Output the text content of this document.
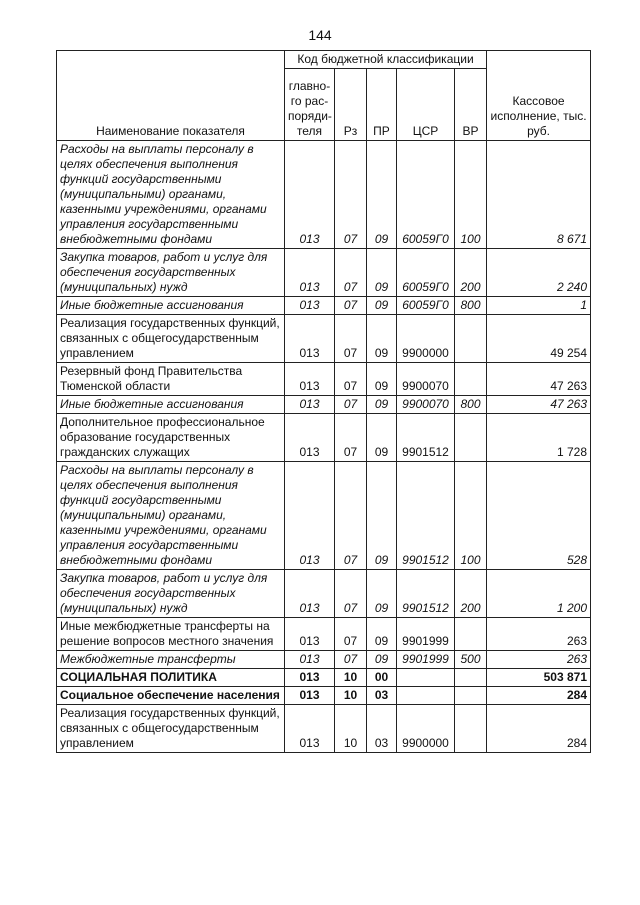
144
Наименование показателя	Код бюджетной классификации					Кассовое исполнение, тыс. руб.
	главно-го рас-поряди-теля	Рз	ПР	ЦСР	ВР	
Расходы на выплаты персоналу в целях обеспечения выполнения функций государственными (муниципальными) органами, казенными учреждениями, органами управления государственными внебюджетными фондами	013	07	09	60059Г0	100	8 671
Закупка товаров, работ и услуг для обеспечения государственных (муниципальных) нужд	013	07	09	60059Г0	200	2 240
Иные бюджетные ассигнования	013	07	09	60059Г0	800	1
Реализация государственных функций, связанных с общегосударственным управлением	013	07	09	9900000		49 254
Резервный фонд Правительства Тюменской области	013	07	09	9900070		47 263
Иные бюджетные ассигнования	013	07	09	9900070	800	47 263
Дополнительное профессиональное образование государственных гражданских служащих	013	07	09	9901512		1 728
Расходы на выплаты персоналу в целях обеспечения выполнения функций государственными (муниципальными) органами, казенными учреждениями, органами управления государственными внебюджетными фондами	013	07	09	9901512	100	528
Закупка товаров, работ и услуг для обеспечения государственных (муниципальных) нужд	013	07	09	9901512	200	1 200
Иные межбюджетные трансферты на решение вопросов местного значения	013	07	09	9901999		263
Межбюджетные трансферты	013	07	09	9901999	500	263
СОЦИАЛЬНАЯ ПОЛИТИКА	013	10	00			503 871
Социальное обеспечение населения	013	10	03			284
Реализация государственных функций, связанных с общегосударственным управлением	013	10	03	9900000		284
